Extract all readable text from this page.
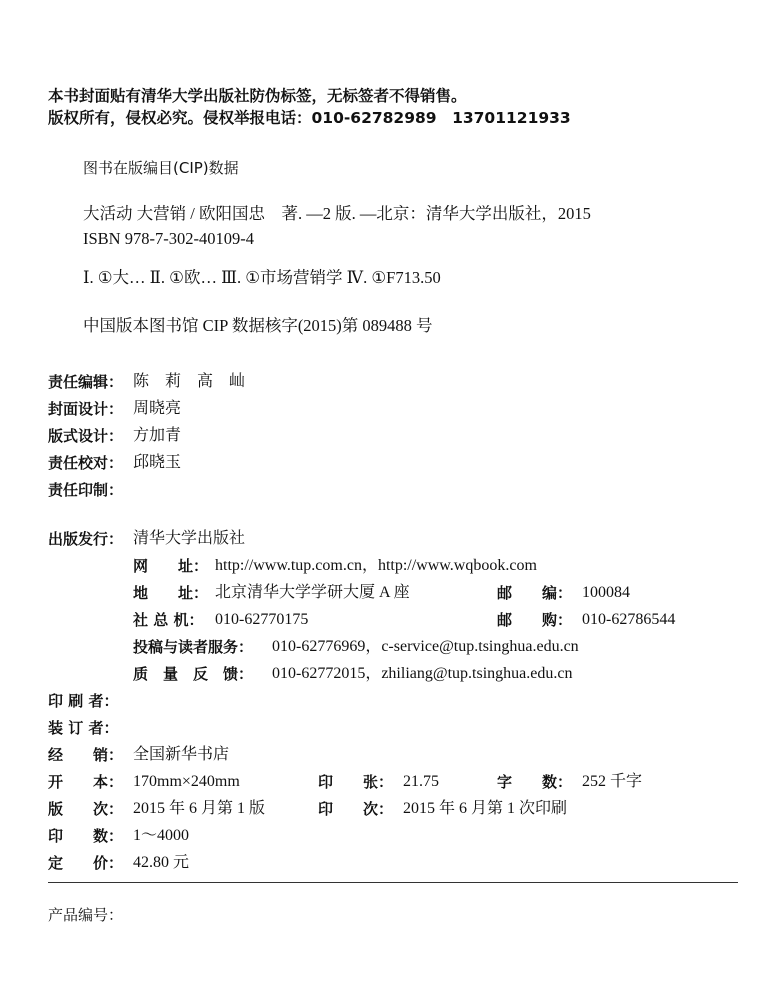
本书封面贴有清华大学出版社防伪标签，无标签者不得销售。
版权所有，侵权必究。侵权举报电话：010-62782989　13701121933
图书在版编目(CIP)数据
大活动 大营销 / 欧阳国忠　著. —2 版. —北京：清华大学出版社，2015
ISBN 978-7-302-40109-4
Ⅰ. ①大… Ⅱ. ①欧… Ⅲ. ①市场营销学 Ⅳ. ①F713.50
中国版本图书馆 CIP 数据核字(2015)第 089488 号
责任编辑： 陈　莉　高　屾
封面设计： 周晓亮
版式设计： 方加青
责任校对： 邱晓玉
责任印制：
出版发行： 清华大学出版社
网　　址： http://www.tup.com.cn，http://www.wqbook.com
地　　址： 北京清华大学学研大厦 A 座	邮　　编： 100084
社 总 机： 010-62770175	邮　　购： 010-62786544
投稿与读者服务： 010-62776969，c-service@tup.tsinghua.edu.cn
质　量　反　馈： 010-62772015，zhiliang@tup.tsinghua.edu.cn
印 刷 者：
装 订 者：
经　　销： 全国新华书店
开　　本： 170mm×240mm	印　　张： 21.75	字　　数： 252 千字
版　　次： 2015 年 6 月第 1 版	印　　次： 2015 年 6 月第 1 次印刷
印　　数： 1～4000
定　　价： 42.80 元
产品编号：
